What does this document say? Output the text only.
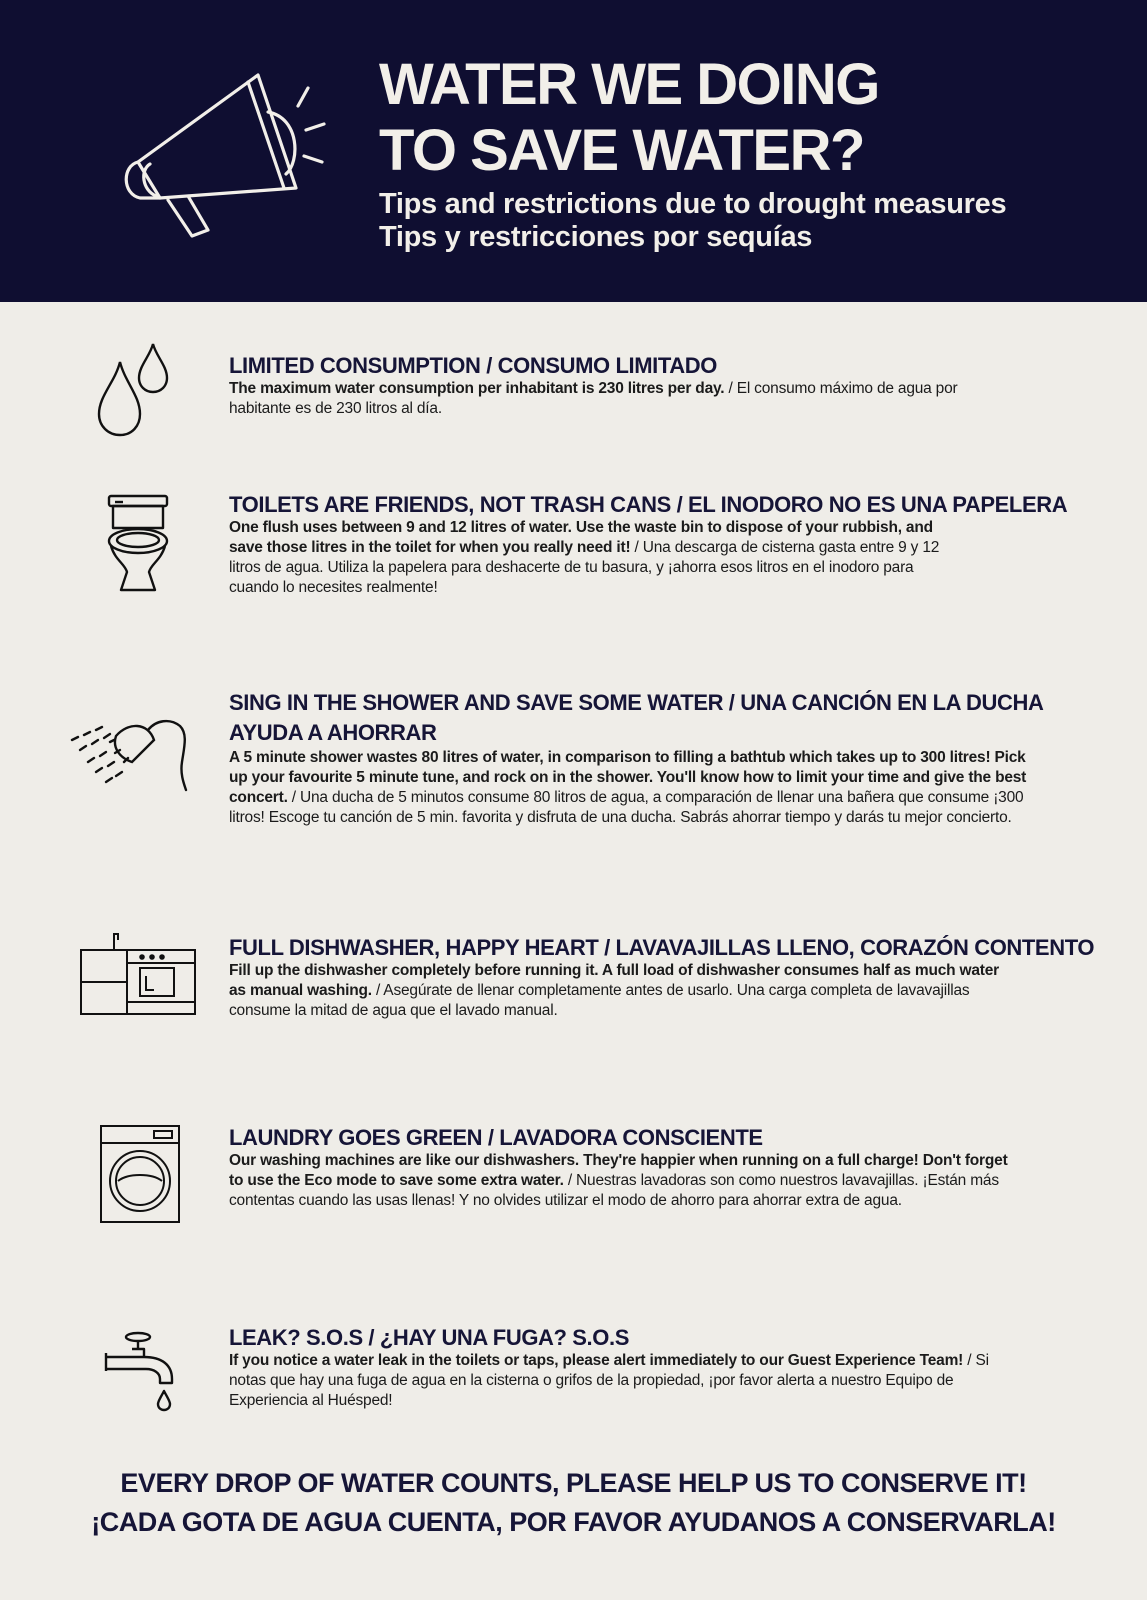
WATER WE DOING
TO SAVE WATER?
Tips and restrictions due to drought measures
Tips y restricciones por sequías
LIMITED CONSUMPTION / CONSUMO LIMITADO

The maximum water consumption per inhabitant is 230 litres per day. / El consumo máximo de agua por habitante es de 230 litros al día.

TOILETS ARE FRIENDS, NOT TRASH CANS / EL INODORO NO ES UNA PAPELERA

One flush uses between 9 and 12 litres of water. Use the waste bin to dispose of your rubbish, and save those litres in the toilet for when you really need it! / Una descarga de cisterna gasta entre 9 y 12 litros de agua. Utiliza la papelera para deshacerte de tu basura, y ¡ahorra esos litros en el inodoro para cuando lo necesites realmente!

SING IN THE SHOWER AND SAVE SOME WATER / UNA CANCIÓN EN LA DUCHA AYUDA A AHORRAR

A 5 minute shower wastes 80 litres of water, in comparison to filling a bathtub which takes up to 300 litres! Pick up your favourite 5 minute tune, and rock on in the shower. You'll know how to limit your time and give the best concert. / Una ducha de 5 minutos consume 80 litros de agua, a comparación de llenar una bañera que consume ¡300 litros! Escoge tu canción de 5 min. favorita y disfruta de una ducha. Sabrás ahorrar tiempo y darás tu mejor concierto.

FULL DISHWASHER, HAPPY HEART / LAVAVAJILLAS LLENO, CORAZÓN CONTENTO

Fill up the dishwasher completely before running it. A full load of dishwasher consumes half as much water as manual washing. / Asegúrate de llenar completamente antes de usarlo. Una carga completa de lavavajillas consume la mitad de agua que el lavado manual.

LAUNDRY GOES GREEN / LAVADORA CONSCIENTE

Our washing machines are like our dishwashers. They're happier when running on a full charge! Don't forget to use the Eco mode to save some extra water. / Nuestras lavadoras son como nuestros lavavajillas. ¡Están más contentas cuando las usas llenas! Y no olvides utilizar el modo de ahorro para ahorrar extra de agua.

LEAK? S.O.S / ¿HAY UNA FUGA? S.O.S

If you notice a water leak in the toilets or taps, please alert immediately to our Guest Experience Team! / Si notas que hay una fuga de agua en la cisterna o grifos de la propiedad, ¡por favor alerta a nuestro Equipo de Experiencia al Huésped!

EVERY DROP OF WATER COUNTS, PLEASE HELP US TO CONSERVE IT!
¡CADA GOTA DE AGUA CUENTA, POR FAVOR AYUDANOS A CONSERVARLA!
